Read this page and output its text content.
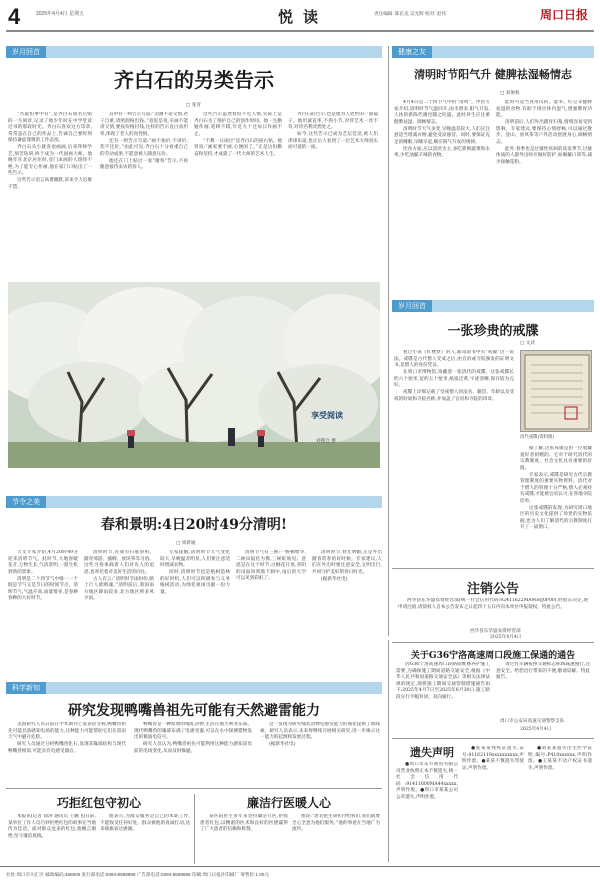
4	2025年4月4日 星期五	悦读	责任编辑: 陈长龙 吴光辉 校对: 赵伟	周口日报
岁月回首
齐白石的另类告示
□ 张青

“吾最怕事中有”,是齐白石成名后贴的一方闲章,记录了他少年时在中学堂读过书的那段时光。齐白石喜欢这方印章,常常盖在自己的作品上,告诫自己要时刻保持谦虚谨慎的工作态度。

齐白石从小就喜欢画画,后来拜师学艺,刻苦钻研,终于成为一代国画大师。他晚年在北京居住时,登门求画的人络绎不绝,为了能专心作画,他在家门口贴出了一些告示。

这些告示语言诙谐幽默,读来令人忍俊不禁。

其中有一则告示写道:“卖画不论交情,君子自重,请照润格出钱。”意思是说,买画不能讲交情,要按价格付钱,这样的告示直白而坦率,体现了老人的真性情。

还有一则告示写道:“画不加价,不讲价,恕不还价。”由此可见,齐白石十分看重自己的劳动成果,不愿意被人随意压价。

他还在门上贴过一张“谢客”告示,不再随意接待来访的客人。

这些告示虽然看似不近人情,实际上是齐白石为了保护自己的创作时间。他一生勤勉作画,笔耕不辍,年近九十还每日作画不止。

“不教一日闲过”是齐白石的座右铭。他曾说:“画家要不画,心便闲了。”正是这份勤奋和坚持,才成就了一代大师的艺术人生。

齐白石的告示,也是他为人处世的一面镜子。他坦诚直率,不拘小节,对待艺术一丝不苟,对待名利淡然处之。

如今,这些告示已成为艺坛佳话,被人们津津乐道,也让后人看到了一位艺术大师真实而可爱的一面。

享受阅读
刘燕仓 摄
健康之友
清明时节阳气升 健脾祛湿畅情志
□ 刘俊秋

4月4日是二十四节气中的“清明”。中医专家介绍,清明时节气温回升,雨水增多,阳气升发,人体的新陈代谢也随之旺盛。此时养生应注重健脾祛湿、调畅情志。

清明时节天气多变,早晚温差较大,人们应注意适当增减衣物,避免受凉感冒。同时,要保证充足的睡眠,早睡早起,顺应阳气升发的规律。

饮食方面,应以清淡为主,多吃新鲜蔬菜和水果,少吃油腻辛辣的食物。

此时可适当食用山药、薏米、红豆等健脾祛湿的食物,有助于排出体内湿气,增强脾胃功能。

清明前后,人们外出踏青扫墓,情绪容易受到影响。专家建议,要保持心情舒畅,可以通过散步、登山、放风筝等户外活动舒展身心,调畅情志。

此外,春季也是过敏性疾病的高发季节,过敏体质的人群外出时应做好防护,如佩戴口罩等,减少接触花粉。

岁月回首
一张珍贵的戒牒
□ 文武

看过小说《红楼梦》的人,都知道书中有“戒牒”这一说法。戒牒是古代僧人受戒之后,由官府或寺院颁发的证明文书,是僧人的身份凭证。

在周口市博物馆,珍藏着一张清代的戒牒。这张戒牒长约六十厘米,宽约五十厘米,纸质泛黄,字迹清晰,保存较为完好。

戒牒上详细记载了受戒僧人的法名、籍贯、年龄以及受戒的时间和寺院名称,并加盖了官府和寺院的印章。

清代戒牒(资料图)

据了解,这张戒牒是由一位收藏爱好者捐赠的。它对于研究清代的宗教制度、社会文化具有重要的价值。

专家表示,戒牒是研究古代宗教管理制度的重要实物资料。清代对于僧人的管理十分严格,僧人必须持有戒牒,才能被官府认可,在各地寺院挂单。

这张戒牒的发现,为研究周口地区的历史文化提供了珍贵的实物依据,也为人们了解清代的宗教制度打开了一扇窗口。

节令之美
春和景明:4日20时49分清明!
□ 周新媛

天文专家介绍,4月20时49分迎来清明节气。此时节,大地春暖花开,万物生长,气清景明,一派生机勃勃的景象。

清明是二十四节气中唯一一个既是节气又是节日的时间节点。清明节气,气温升高,雨量增多,是春耕春种的大好时节。

清明时节,民间有扫墓祭祖、踏青郊游、插柳、放风筝等习俗。这些习俗承载着人们对先人的追思,也寄托着对美好生活的向往。

古人有云:“清明时节雨纷纷,路上行人欲断魂。”清明前后,我国南方地区降雨较多,北方地区则多风少雨。

专家提醒,清明时节天气变化较大,早晚温差明显,人们要注意适时增减衣物。

同时,清明时节也是植树造林的好时机,人们可以积极参与义务植树活动,为绿化祖国贡献一份力量。

清明节气有三候:一候桐始华,二候田鼠化为鴽,三候虹始见。意思是在这个时节,白桐花开放,喜阴的田鼠回到地下洞中,雨后的天空可以见到彩虹了。

清明时节,春光明媚,正是外出踏青赏春的好时候。专家建议,人们在外出时要注意安全,文明出行,共同守护美好的春日时光。

(据新华社电)

注销公告

西华县东华盛农资经营部(统一社会信用代码:92411622MA9G8J0P00),经股东决定,现申请注销,请债权人自本公告发布之日起四十五日内向本单位申报债权。特此公告。

西华县东华盛农资经营部
2025年4月4日
科学新知
研究发现鸭嘴兽祖先可能有天然避雷能力

美国研究人员日前在学术期刊上发表论文称,鸭嘴兽祖先可能具备感知电场的能力,这种能力可能帮助它们在雷雨天气中避开危险。

研究人员通过分析鸭嘴兽化石,发现其喙部结构与现代鸭嘴兽相似,可能具有电感受器官。

鸭嘴兽是一种原始的哺乳动物,生活在澳大利亚东部。现代鸭嘴兽的喙部布满了电感受器,可以在水中探测猎物发出的微弱电信号。

研究人员认为,鸭嘴兽祖先可能利用这种能力感知雷电前的电场变化,从而及时躲避。

这一发现为研究哺乳动物电感受能力的演化提供了新线索。研究人员表示,未来将继续开展相关研究,进一步揭示这一能力的起源和发展过程。

(据新华社电)

巧拒红包守初心

本报讯(记者 徐涛 通讯员 王鹏飞)日前,某单位工作人员巧妙拒绝红包的故事在当地传为佳话。面对群众送来的红包,他婉言谢绝,坚守廉洁底线。

他表示,为群众服务是自己的本职工作,不能收受任何好处。群众被他的真诚打动,送来锦旗表达感谢。

廉洁行医暖人心

某医院医生多年来坚持廉洁行医,拒收患者红包,以精湛的医术和良好的医德赢得了广大患者的信赖和称赞。

他说:“患者把生命托付给我们,我们就要全心全意为他们服务。”他的事迹在当地广为流传。

关于G36宁洛高速周口段施工保通的通告

因G36宁洛高速周口段路面维修养护施工需要,为确保施工期间道路交通安全,根据《中华人民共和国道路交通安全法》等相关法律法规的规定,现将施工期间交通管制措施通告如下:2025年4月7日至2025年6月30日,施工路段实行半幅封闭、双向通行。

请过往车辆按照交通标志标线减速慢行,注意安全。给您出行带来的不便,敬请谅解。特此通告。

周口市公安局高速交通警察支队
2025年4月4日
遗失声明

●周口市东方商贸有限公司营业执照正本不慎遗失,统一社会信用代码:91411600MA44xxxxx,声明作废。●周口市某某公司公章遗失,声明作废。

●张某某残疾证遗失,证号:41162119xxxxxxxxxx,声明作废。●某某不慎遗失驾驶证,声明作废。

●刘某某遗失出生医学证明,编号:P410xxxxxx,声明作废。●王某某不动产权证书遗失,声明作废。

社址:周口市川汇区 邮政编码:466000 发行部电话:0394-8599999 广告部电话:0394-8599888 印刷:周口日报社印刷厂 零售价:1.00元
